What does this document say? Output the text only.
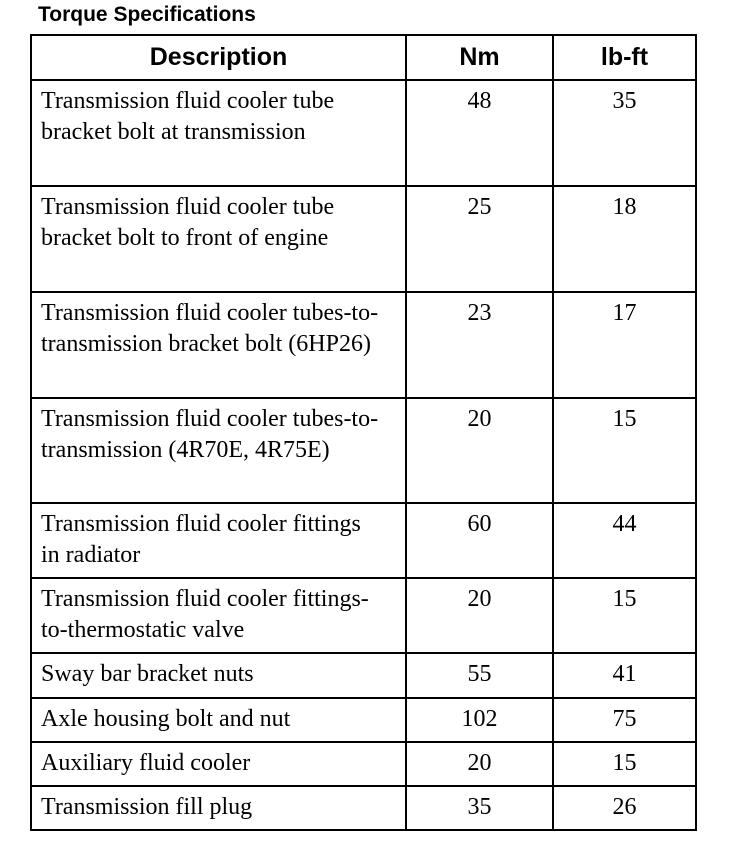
Torque Specifications
Description	Nm	lb-ft
Transmission fluid cooler tube bracket bolt at transmission	48	35
Transmission fluid cooler tube bracket bolt to front of engine	25	18
Transmission fluid cooler tubes-to-transmission bracket bolt (6HP26)	23	17
Transmission fluid cooler tubes-to-transmission (4R70E, 4R75E)	20	15
Transmission fluid cooler fittings in radiator	60	44
Transmission fluid cooler fittings-to-thermostatic valve	20	15
Sway bar bracket nuts	55	41
Axle housing bolt and nut	102	75
Auxiliary fluid cooler	20	15
Transmission fill plug	35	26
